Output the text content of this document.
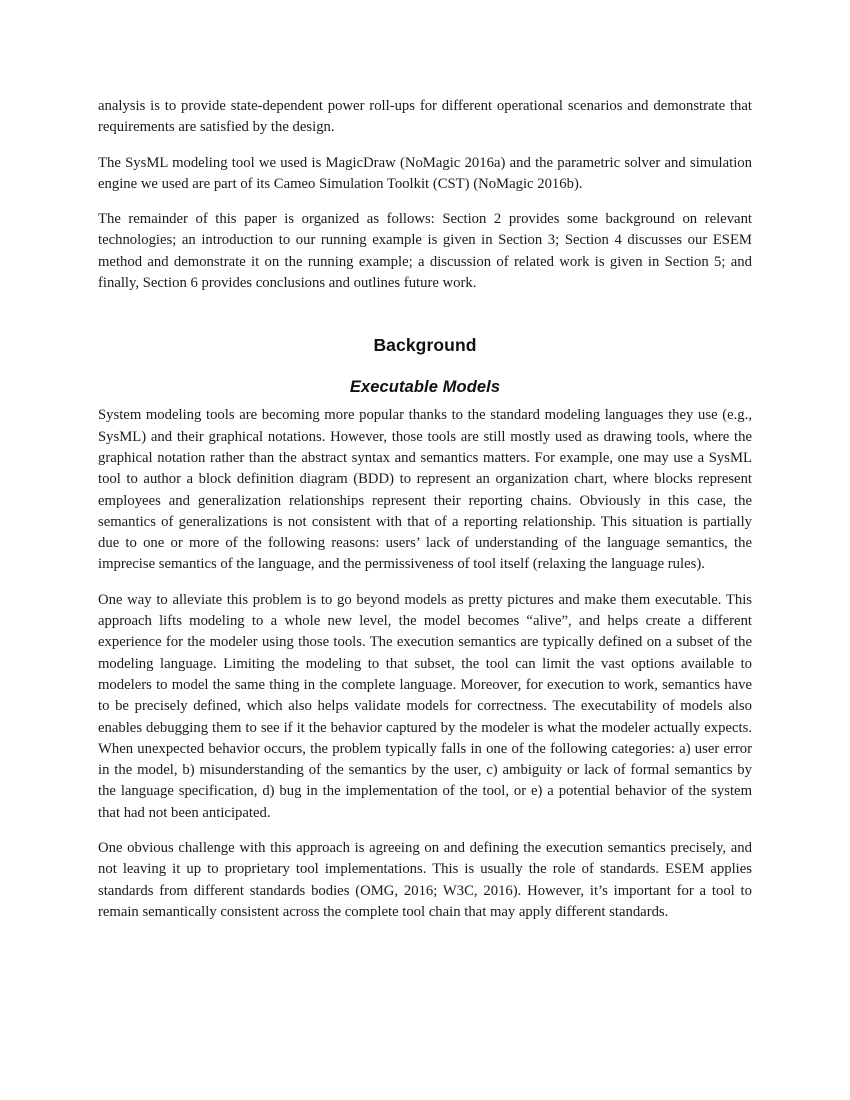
analysis is to provide state-dependent power roll-ups for different operational scenarios and demonstrate that requirements are satisfied by the design.

The SysML modeling tool we used is MagicDraw (NoMagic 2016a) and the parametric solver and simulation engine we used are part of its Cameo Simulation Toolkit (CST) (NoMagic 2016b).

The remainder of this paper is organized as follows: Section 2 provides some background on relevant technologies; an introduction to our running example is given in Section 3; Section 4 discusses our ESEM method and demonstrate it on the running example; a discussion of related work is given in Section 5; and finally, Section 6 provides conclusions and outlines future work.

Background
Executable Models

System modeling tools are becoming more popular thanks to the standard modeling languages they use (e.g., SysML) and their graphical notations. However, those tools are still mostly used as drawing tools, where the graphical notation rather than the abstract syntax and semantics matters. For example, one may use a SysML tool to author a block definition diagram (BDD) to represent an organization chart, where blocks represent employees and generalization relationships represent their reporting chains. Obviously in this case, the semantics of generalizations is not consistent with that of a reporting relationship. This situation is partially due to one or more of the following reasons: users’ lack of understanding of the language semantics, the imprecise semantics of the language, and the permissiveness of tool itself (relaxing the language rules).

One way to alleviate this problem is to go beyond models as pretty pictures and make them executable. This approach lifts modeling to a whole new level, the model becomes “alive”, and helps create a different experience for the modeler using those tools. The execution semantics are typically defined on a subset of the modeling language. Limiting the modeling to that subset, the tool can limit the vast options available to modelers to model the same thing in the complete language. Moreover, for execution to work, semantics have to be precisely defined, which also helps validate models for correctness. The executability of models also enables debugging them to see if it the behavior captured by the modeler is what the modeler actually expects. When unexpected behavior occurs, the problem typically falls in one of the following categories: a) user error in the model, b) misunderstanding of the semantics by the user, c) ambiguity or lack of formal semantics by the language specification, d) bug in the implementation of the tool, or e) a potential behavior of the system that had not been anticipated.

One obvious challenge with this approach is agreeing on and defining the execution semantics precisely, and not leaving it up to proprietary tool implementations. This is usually the role of standards. ESEM applies standards from different standards bodies (OMG, 2016; W3C, 2016). However, it’s important for a tool to remain semantically consistent across the complete tool chain that may apply different standards.
